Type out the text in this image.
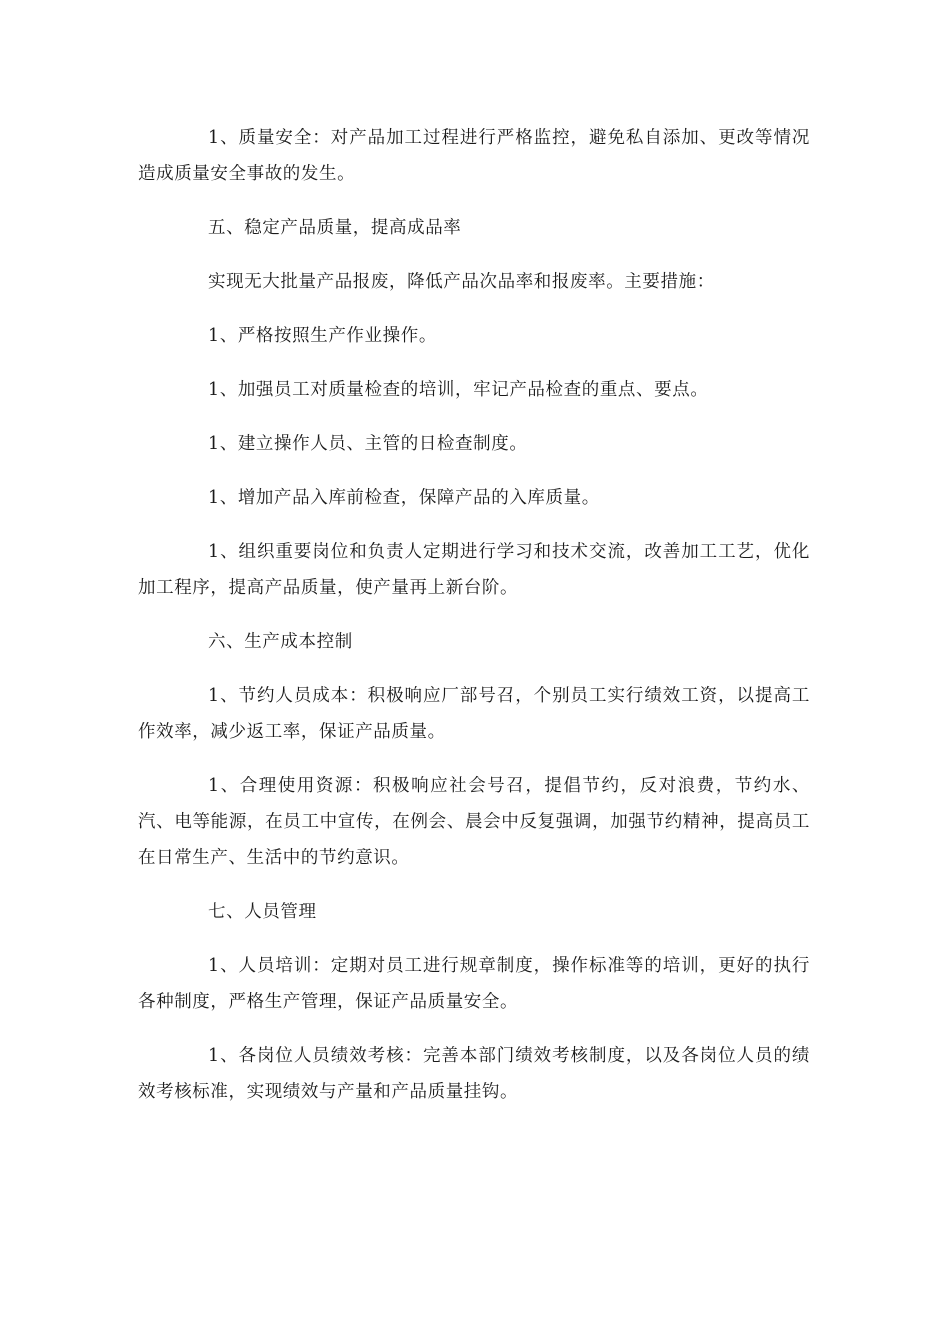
1、质量安全：对产品加工过程进行严格监控，避免私自添加、更改等情况造成质量安全事故的发生。

五、稳定产品质量，提高成品率

实现无大批量产品报废，降低产品次品率和报废率。主要措施：

1、严格按照生产作业操作。

1、加强员工对质量检查的培训，牢记产品检查的重点、要点。

1、建立操作人员、主管的日检查制度。

1、增加产品入库前检查，保障产品的入库质量。

1、组织重要岗位和负责人定期进行学习和技术交流，改善加工工艺，优化加工程序，提高产品质量，使产量再上新台阶。

六、生产成本控制

1、节约人员成本：积极响应厂部号召，个别员工实行绩效工资，以提高工作效率，减少返工率，保证产品质量。

1、合理使用资源：积极响应社会号召，提倡节约，反对浪费，节约水、汽、电等能源，在员工中宣传，在例会、晨会中反复强调，加强节约精神，提高员工在日常生产、生活中的节约意识。

七、人员管理

1、人员培训：定期对员工进行规章制度，操作标准等的培训，更好的执行各种制度，严格生产管理，保证产品质量安全。

1、各岗位人员绩效考核：完善本部门绩效考核制度，以及各岗位人员的绩效考核标准，实现绩效与产量和产品质量挂钩。
